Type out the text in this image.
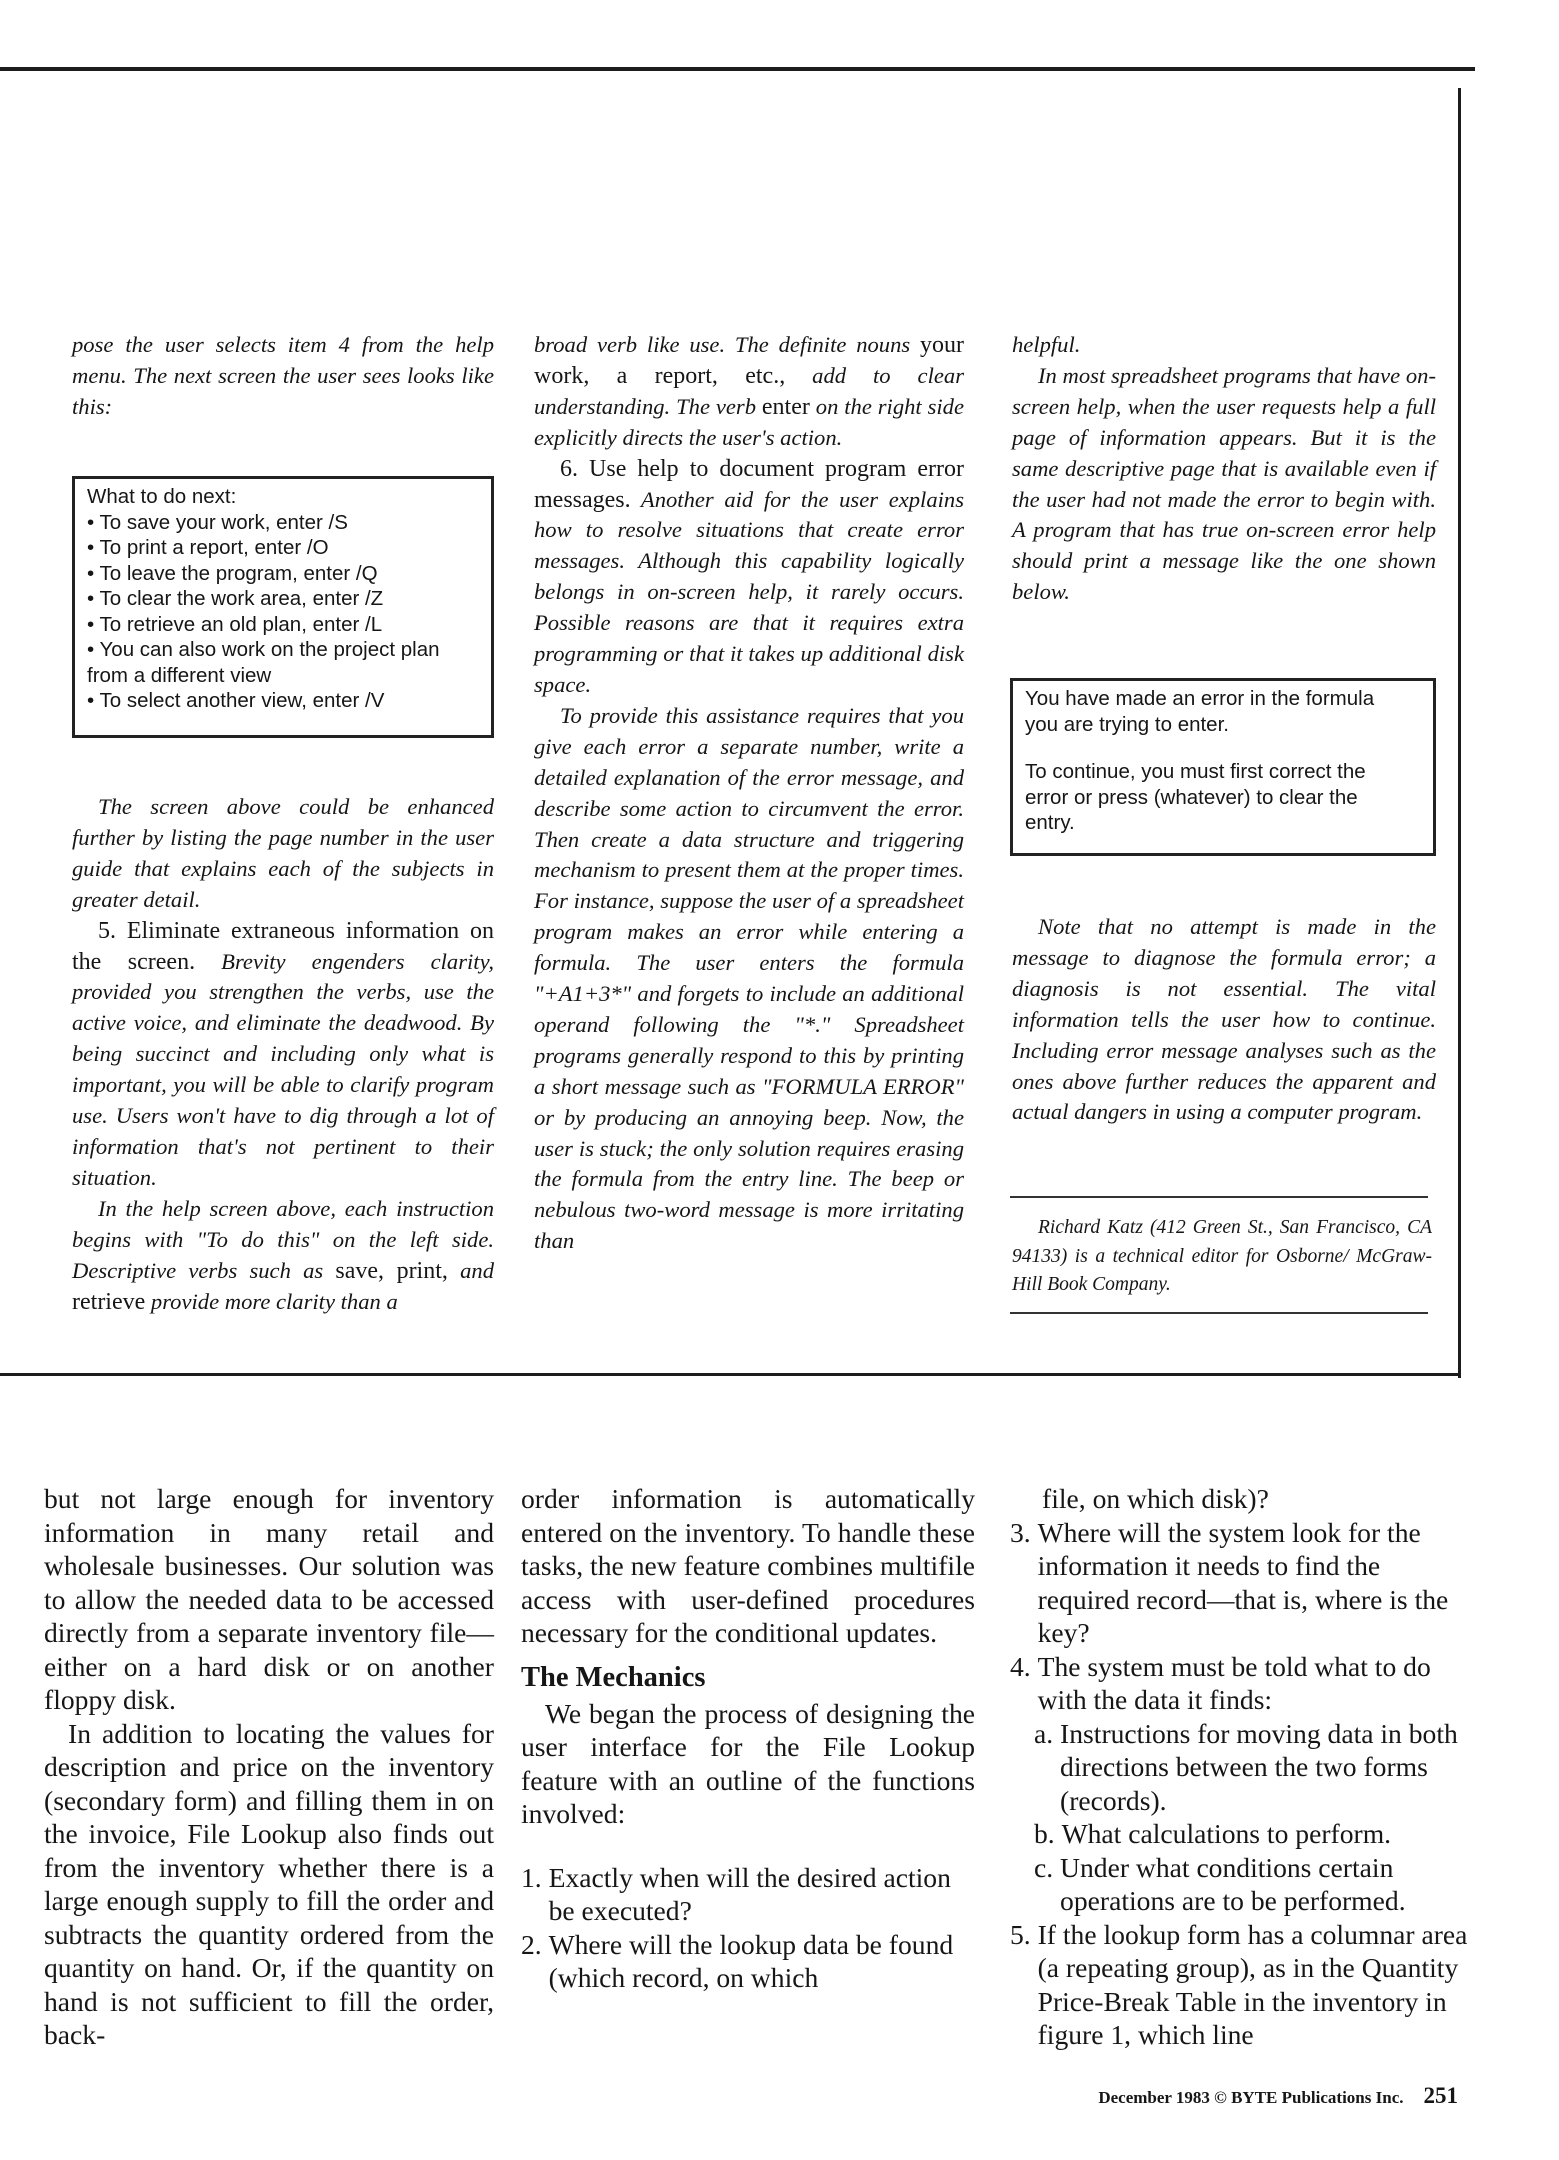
pose the user selects item 4 from the help menu. The next screen the user sees looks like this:

What to do next:
• To save your work, enter /S
• To print a report, enter /O
• To leave the program, enter /Q
• To clear the work area, enter /Z
• To retrieve an old plan, enter /L
• You can also work on the project plan
from a different view
• To select another view, enter /V

The screen above could be enhanced further by listing the page number in the user guide that explains each of the subjects in greater detail.

5. Eliminate extraneous information on the screen. Brevity engenders clarity, provided you strengthen the verbs, use the active voice, and eliminate the deadwood. By being succinct and including only what is important, you will be able to clarify program use. Users won't have to dig through a lot of information that's not pertinent to their situation.

In the help screen above, each instruction begins with "To do this" on the left side. Descriptive verbs such as save, print, and retrieve provide more clarity than a

broad verb like use. The definite nouns your work, a report, etc., add to clear understanding. The verb enter on the right side explicitly directs the user's action.

6. Use help to document program error messages. Another aid for the user explains how to resolve situations that create error messages. Although this capability logically belongs in on-screen help, it rarely occurs. Possible reasons are that it requires extra programming or that it takes up additional disk space.

To provide this assistance requires that you give each error a separate number, write a detailed explanation of the error message, and describe some action to circumvent the error. Then create a data structure and triggering mechanism to present them at the proper times. For instance, suppose the user of a spreadsheet program makes an error while entering a formula. The user enters the formula "+A1+3*" and forgets to include an additional operand following the "*." Spreadsheet programs generally respond to this by printing a short message such as "FORMULA ERROR" or by producing an annoying beep. Now, the user is stuck; the only solution requires erasing the formula from the entry line. The beep or nebulous two-word message is more irritating than

helpful.

In most spreadsheet programs that have on-screen help, when the user requests help a full page of information appears. But it is the same descriptive page that is available even if the user had not made the error to begin with. A program that has true on-screen error help should print a message like the one shown below.

You have made an error in the formula
you are trying to enter.
To continue, you must first correct the
error or press (whatever) to clear the
entry.

Note that no attempt is made in the message to diagnose the formula error; a diagnosis is not essential. The vital information tells the user how to continue. Including error message analyses such as the ones above further reduces the apparent and actual dangers in using a computer program.

Richard Katz (412 Green St., San Francisco, CA 94133) is a technical editor for Osborne/ McGraw-Hill Book Company.

but not large enough for inventory information in many retail and wholesale businesses. Our solution was to allow the needed data to be accessed directly from a separate inventory file—either on a hard disk or on another floppy disk.

In addition to locating the values for description and price on the inventory (secondary form) and filling them in on the invoice, File Lookup also finds out from the inventory whether there is a large enough supply to fill the order and subtracts the quantity ordered from the quantity on hand. Or, if the quantity on hand is not sufficient to fill the order, back-

order information is automatically entered on the inventory. To handle these tasks, the new feature combines multifile access with user-defined procedures necessary for the conditional updates.

The Mechanics

We began the process of designing the user interface for the File Lookup feature with an outline of the functions involved:

1. Exactly when will the desired action be executed?
2. Where will the lookup data be found (which record, on which

file, on which disk)?

3. Where will the system look for the information it needs to find the required record—that is, where is the key?
4. The system must be told what to do with the data it finds:
a. Instructions for moving data in both directions between the two forms (records).
b. What calculations to perform.
c. Under what conditions certain operations are to be performed.
5. If the lookup form has a columnar area (a repeating group), as in the Quantity Price-Break Table in the inventory in figure 1, which line
December 1983 © BYTE Publications Inc. 251
